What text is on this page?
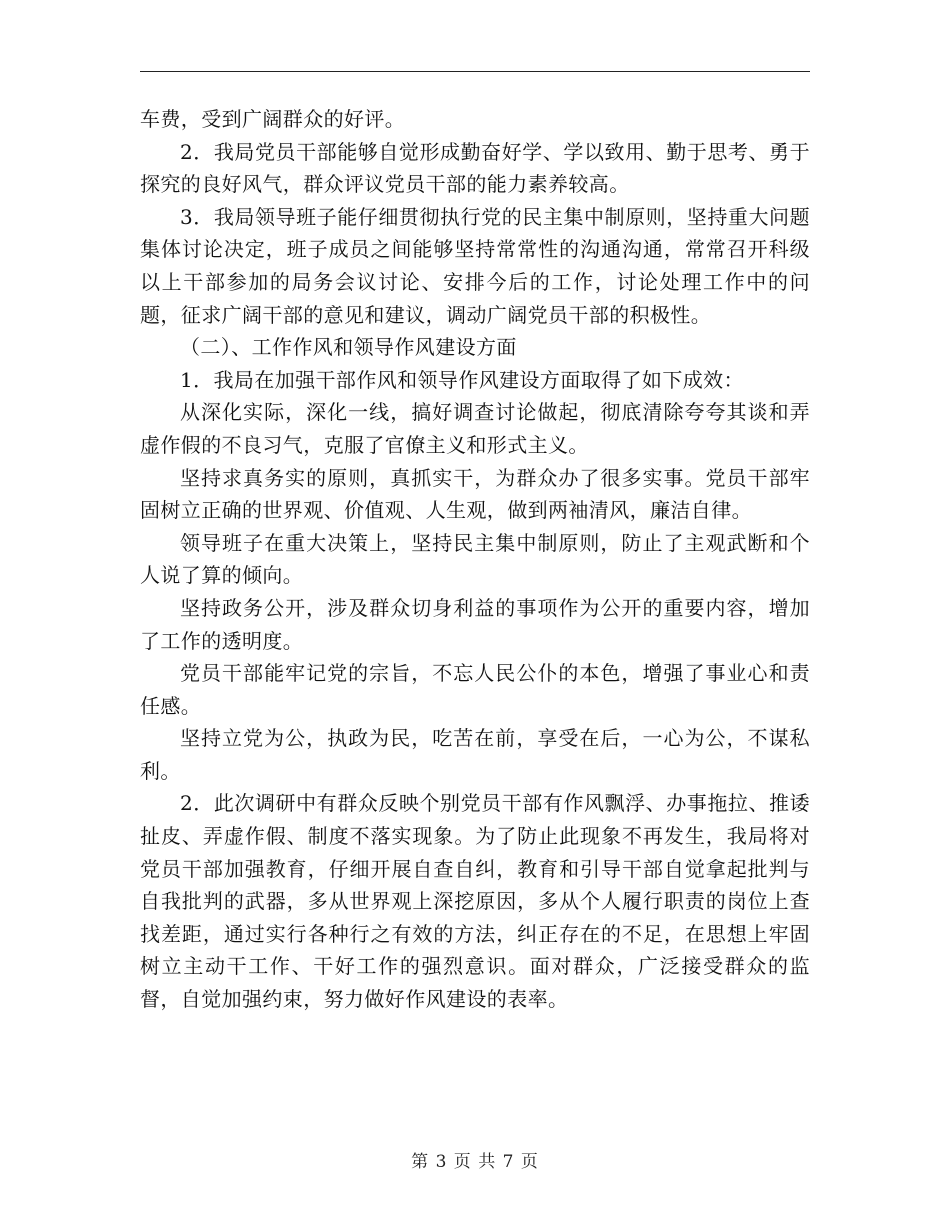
车费，受到广阔群众的好评。

2．我局党员干部能够自觉形成勤奋好学、学以致用、勤于思考、勇于探究的良好风气，群众评议党员干部的能力素养较高。

3．我局领导班子能仔细贯彻执行党的民主集中制原则，坚持重大问题集体讨论决定，班子成员之间能够坚持常常性的沟通沟通，常常召开科级以上干部参加的局务会议讨论、安排今后的工作，讨论处理工作中的问题，征求广阔干部的意见和建议，调动广阔党员干部的积极性。

（二）、工作作风和领导作风建设方面

1．我局在加强干部作风和领导作风建设方面取得了如下成效：

从深化实际，深化一线，搞好调查讨论做起，彻底清除夸夸其谈和弄虚作假的不良习气，克服了官僚主义和形式主义。

坚持求真务实的原则，真抓实干，为群众办了很多实事。党员干部牢固树立正确的世界观、价值观、人生观，做到两袖清风，廉洁自律。

领导班子在重大决策上，坚持民主集中制原则，防止了主观武断和个人说了算的倾向。

坚持政务公开，涉及群众切身利益的事项作为公开的重要内容，增加了工作的透明度。

党员干部能牢记党的宗旨，不忘人民公仆的本色，增强了事业心和责任感。

坚持立党为公，执政为民，吃苦在前，享受在后，一心为公，不谋私利。

2．此次调研中有群众反映个别党员干部有作风飘浮、办事拖拉、推诿扯皮、弄虚作假、制度不落实现象。为了防止此现象不再发生，我局将对党员干部加强教育，仔细开展自查自纠，教育和引导干部自觉拿起批判与自我批判的武器，多从世界观上深挖原因，多从个人履行职责的岗位上查找差距，通过实行各种行之有效的方法，纠正存在的不足，在思想上牢固树立主动干工作、干好工作的强烈意识。面对群众，广泛接受群众的监督，自觉加强约束，努力做好作风建设的表率。

第 3 页 共 7 页
